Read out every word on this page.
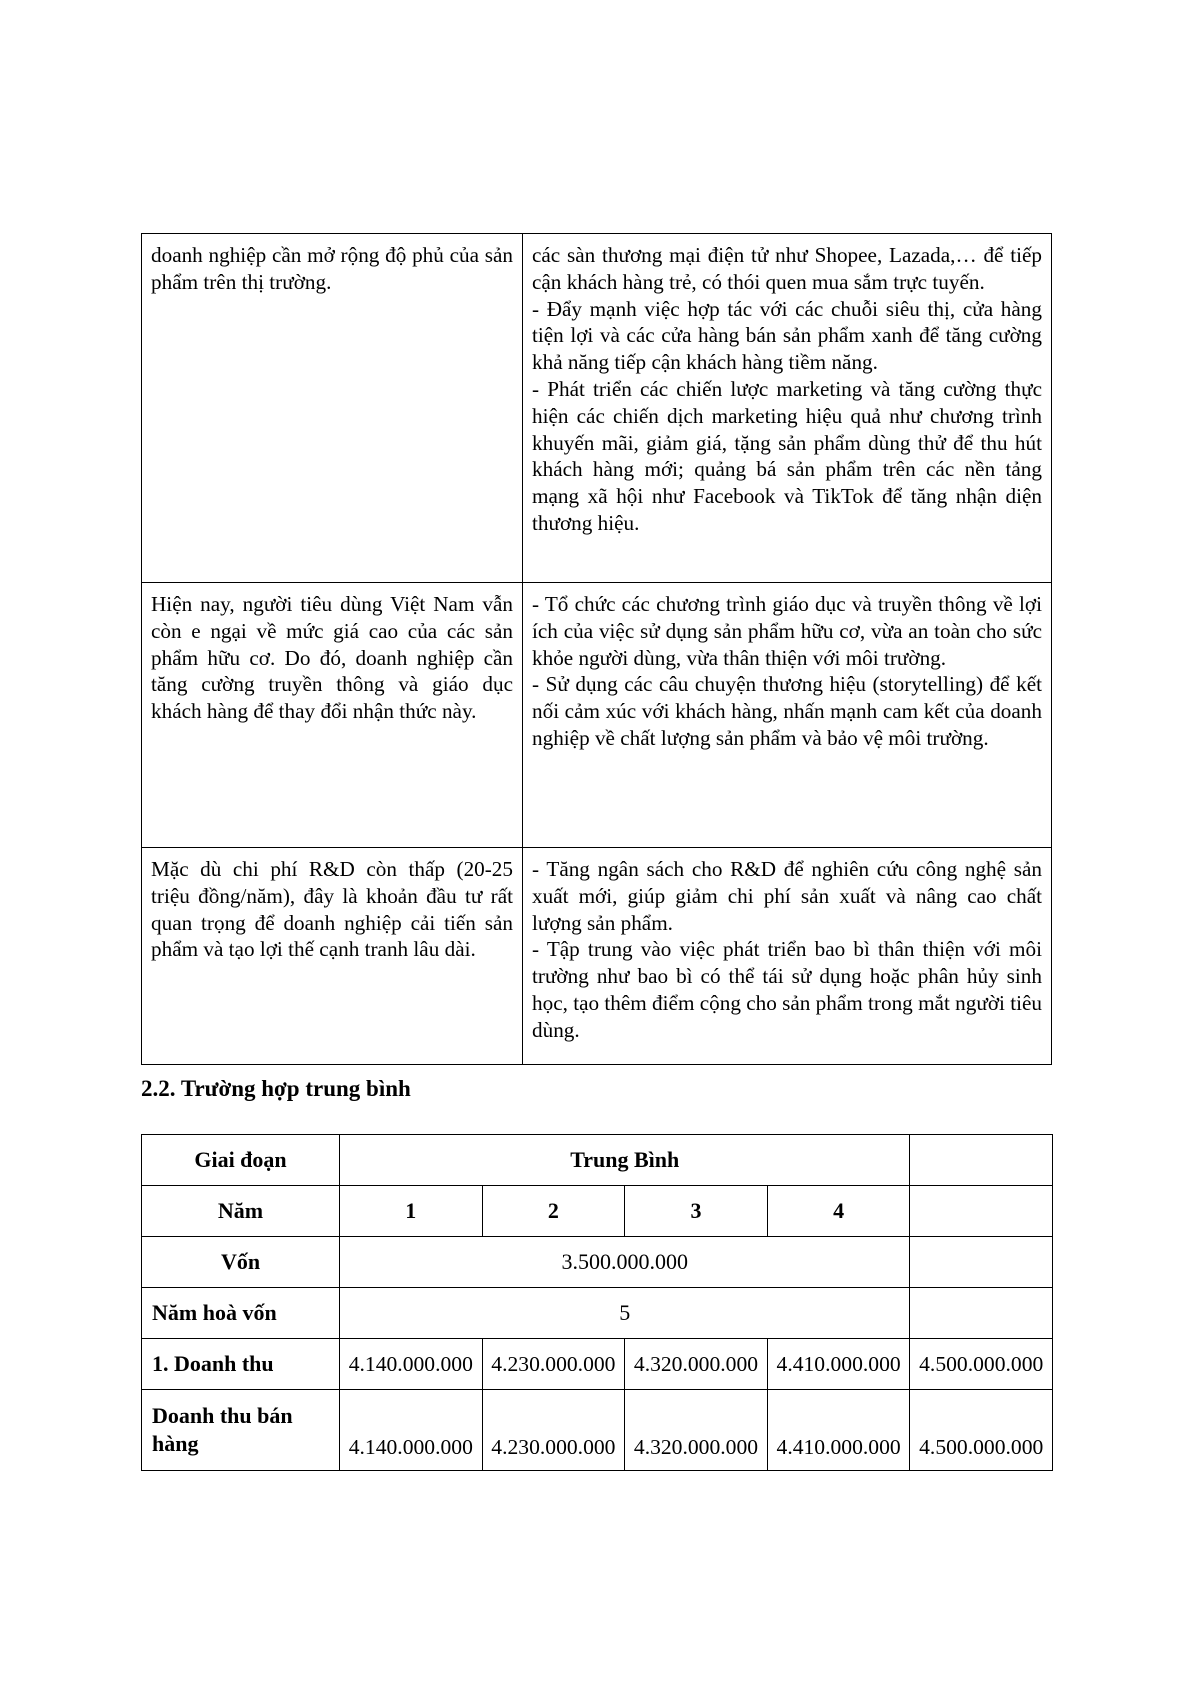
doanh nghiệp cần mở rộng độ phủ của sản phẩm trên thị trường.	các sàn thương mại điện tử như Shopee, Lazada,… để tiếp cận khách hàng trẻ, có thói quen mua sắm trực tuyến.
- Đẩy mạnh việc hợp tác với các chuỗi siêu thị, cửa hàng tiện lợi và các cửa hàng bán sản phẩm xanh để tăng cường khả năng tiếp cận khách hàng tiềm năng.
- Phát triển các chiến lược marketing và tăng cường thực hiện các chiến dịch marketing hiệu quả như chương trình khuyến mãi, giảm giá, tặng sản phẩm dùng thử để thu hút khách hàng mới; quảng bá sản phẩm trên các nền tảng mạng xã hội như Facebook và TikTok để tăng nhận diện thương hiệu.

Hiện nay, người tiêu dùng Việt Nam vẫn còn e ngại về mức giá cao của các sản phẩm hữu cơ. Do đó, doanh nghiệp cần tăng cường truyền thông và giáo dục khách hàng để thay đổi nhận thức này.	- Tổ chức các chương trình giáo dục và truyền thông về lợi ích của việc sử dụng sản phẩm hữu cơ, vừa an toàn cho sức khỏe người dùng, vừa thân thiện với môi trường.
- Sử dụng các câu chuyện thương hiệu (storytelling) để kết nối cảm xúc với khách hàng, nhấn mạnh cam kết của doanh nghiệp về chất lượng sản phẩm và bảo vệ môi trường.

Mặc dù chi phí R&D còn thấp (20-25 triệu đồng/năm), đây là khoản đầu tư rất quan trọng để doanh nghiệp cải tiến sản phẩm và tạo lợi thế cạnh tranh lâu dài.	- Tăng ngân sách cho R&D để nghiên cứu công nghệ sản xuất mới, giúp giảm chi phí sản xuất và nâng cao chất lượng sản phẩm.
- Tập trung vào việc phát triển bao bì thân thiện với môi trường như bao bì có thể tái sử dụng hoặc phân hủy sinh học, tạo thêm điểm cộng cho sản phẩm trong mắt người tiêu dùng.
2.2. Trường hợp trung bình
Giai đoạn	Trung Bình				
Năm	1	2	3	4	
Vốn	3.500.000.000				
Năm hoà vốn	5				
1. Doanh thu	4.140.000.000	4.230.000.000	4.320.000.000	4.410.000.000	4.500.000.000
Doanh thu bán hàng	4.140.000.000	4.230.000.000	4.320.000.000	4.410.000.000	4.500.000.000
